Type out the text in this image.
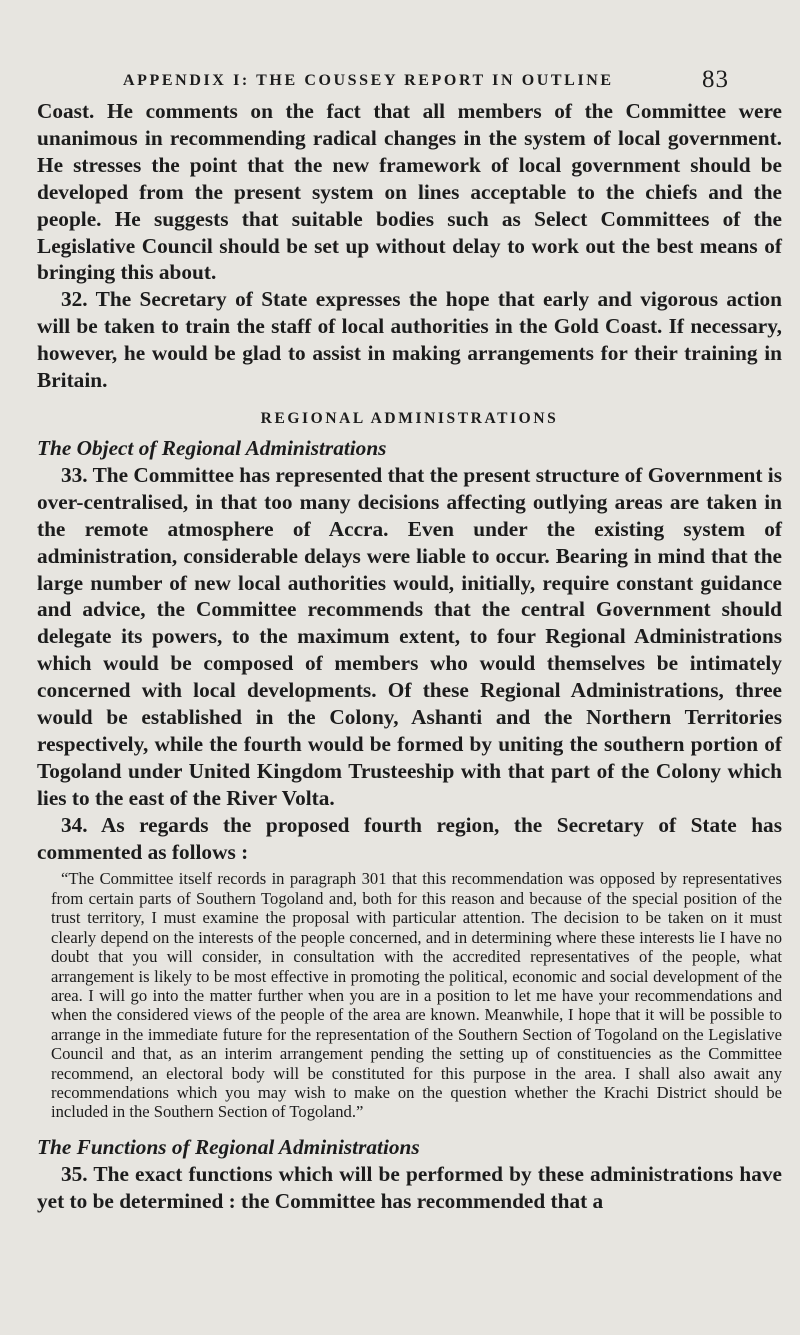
APPENDIX I: THE COUSSEY REPORT IN OUTLINE	83

Coast. He comments on the fact that all members of the Committee were unanimous in recommending radical changes in the system of local government. He stresses the point that the new framework of local government should be developed from the present system on lines acceptable to the chiefs and the people. He suggests that suitable bodies such as Select Committees of the Legislative Council should be set up without delay to work out the best means of bringing this about.

32. The Secretary of State expresses the hope that early and vigorous action will be taken to train the staff of local authorities in the Gold Coast. If necessary, however, he would be glad to assist in making arrangements for their training in Britain.

REGIONAL ADMINISTRATIONS

The Object of Regional Administrations

33. The Committee has represented that the present structure of Government is over-centralised, in that too many decisions affecting outlying areas are taken in the remote atmosphere of Accra. Even under the existing system of administration, considerable delays were liable to occur. Bearing in mind that the large number of new local authorities would, initially, require constant guidance and advice, the Committee recommends that the central Government should delegate its powers, to the maximum extent, to four Regional Administrations which would be composed of members who would themselves be intimately concerned with local developments. Of these Regional Administrations, three would be established in the Colony, Ashanti and the Northern Territories respectively, while the fourth would be formed by uniting the southern portion of Togoland under United Kingdom Trusteeship with that part of the Colony which lies to the east of the River Volta.

34. As regards the proposed fourth region, the Secretary of State has commented as follows :

“The Committee itself records in paragraph 301 that this recommendation was opposed by representatives from certain parts of Southern Togoland and, both for this reason and because of the special position of the trust territory, I must examine the proposal with particular attention. The decision to be taken on it must clearly depend on the interests of the people concerned, and in determining where these interests lie I have no doubt that you will consider, in consultation with the accredited representatives of the people, what arrangement is likely to be most effective in promoting the political, economic and social development of the area. I will go into the matter further when you are in a position to let me have your recommendations and when the considered views of the people of the area are known. Meanwhile, I hope that it will be possible to arrange in the immediate future for the representation of the Southern Section of Togoland on the Legislative Council and that, as an interim arrangement pending the setting up of constituencies as the Committee recommend, an electoral body will be constituted for this purpose in the area. I shall also await any recommendations which you may wish to make on the question whether the Krachi District should be included in the Southern Section of Togoland.”

The Functions of Regional Administrations

35. The exact functions which will be performed by these administrations have yet to be determined : the Committee has recommended that a
